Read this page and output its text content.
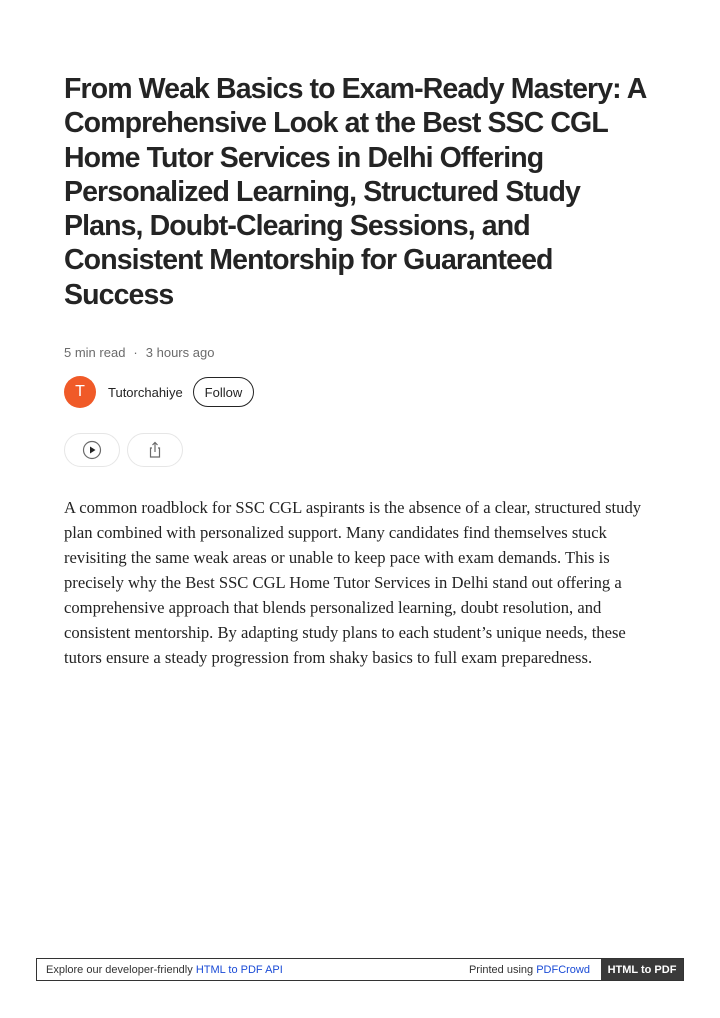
From Weak Basics to Exam-Ready Mastery: A Comprehensive Look at the Best SSC CGL Home Tutor Services in Delhi Offering Personalized Learning, Structured Study Plans, Doubt-Clearing Sessions, and Consistent Mentorship for Guaranteed Success
5 min read · 3 hours ago
T	Tutorchahiye	Follow

A common roadblock for SSC CGL aspirants is the absence of a clear, structured study plan combined with personalized support. Many candidates find themselves stuck revisiting the same weak areas or unable to keep pace with exam demands. This is precisely why the Best SSC CGL Home Tutor Services in Delhi stand out offering a comprehensive approach that blends personalized learning, doubt resolution, and consistent mentorship. By adapting study plans to each student’s unique needs, these tutors ensure a steady progression from shaky basics to full exam preparedness.

Explore our developer-friendly HTML to PDF API	Printed using PDFCrowd	HTML to PDF
